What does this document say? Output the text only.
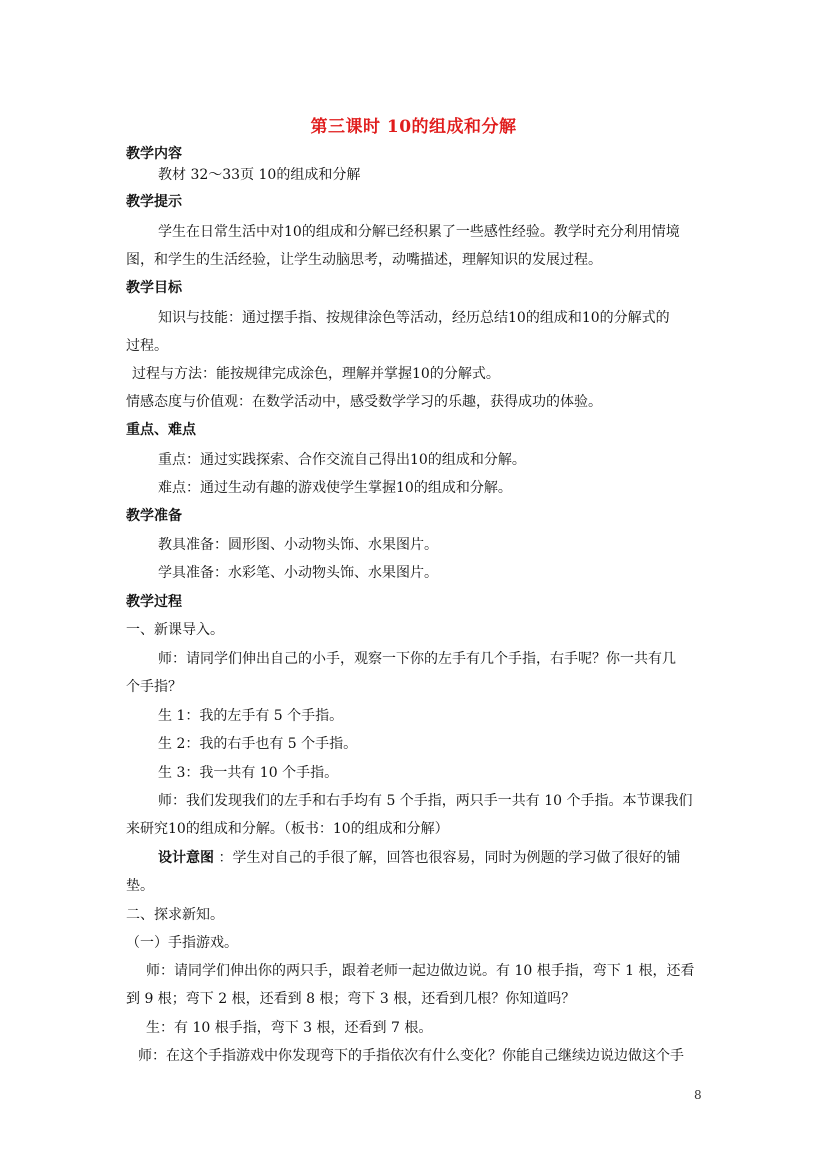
第三课时 10的组成和分解
教学内容
教材 32～33页 10的组成和分解
教学提示
学生在日常生活中对10的组成和分解已经积累了一些感性经验。教学时充分利用情境
图，和学生的生活经验，让学生动脑思考，动嘴描述，理解知识的发展过程。
教学目标
知识与技能：通过摆手指、按规律涂色等活动，经历总结10的组成和10的分解式的
过程。
过程与方法：能按规律完成涂色，理解并掌握10的分解式。
情感态度与价值观：在数学活动中，感受数学学习的乐趣，获得成功的体验。
重点、难点
重点：通过实践探索、合作交流自己得出10的组成和分解。
难点：通过生动有趣的游戏使学生掌握10的组成和分解。
教学准备
教具准备：圆形图、小动物头饰、水果图片。
学具准备：水彩笔、小动物头饰、水果图片。
教学过程
一、新课导入。
师：请同学们伸出自己的小手，观察一下你的左手有几个手指，右手呢？你一共有几
个手指？
生 1：我的左手有 5 个手指。
生 2：我的右手也有 5 个手指。
生 3：我一共有 10 个手指。
师：我们发现我们的左手和右手均有 5 个手指，两只手一共有 10 个手指。本节课我们
来研究10的组成和分解。（板书：10的组成和分解）
设计意图 ：学生对自己的手很了解，回答也很容易，同时为例题的学习做了很好的铺
垫。
二、探求新知。
（一）手指游戏。
师：请同学们伸出你的两只手，跟着老师一起边做边说。有 10 根手指，弯下 1 根，还看
到 9 根；弯下 2 根，还看到 8 根；弯下 3 根，还看到几根？你知道吗？
生：有 10 根手指，弯下 3 根，还看到 7 根。
师：在这个手指游戏中你发现弯下的手指依次有什么变化？你能自己继续边说边做这个手
8
